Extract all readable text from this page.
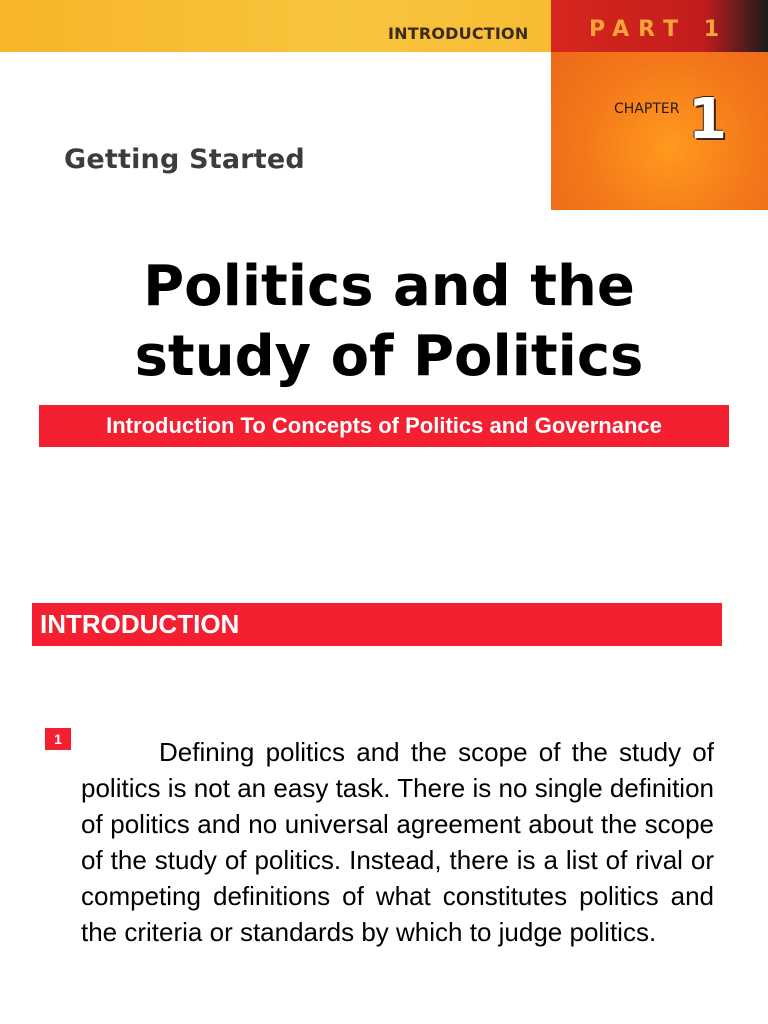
INTRODUCTION	PART 1
CHAPTER 1
Getting Started
Politics and the study of Politics
Introduction To Concepts of Politics and Governance
INTRODUCTION
1	Defining politics and the scope of the study of politics is not an easy task. There is no single definition of politics and no universal agreement about the scope of the study of politics. Instead, there is a list of rival or competing definitions of what constitutes politics and the criteria or standards by which to judge politics.
